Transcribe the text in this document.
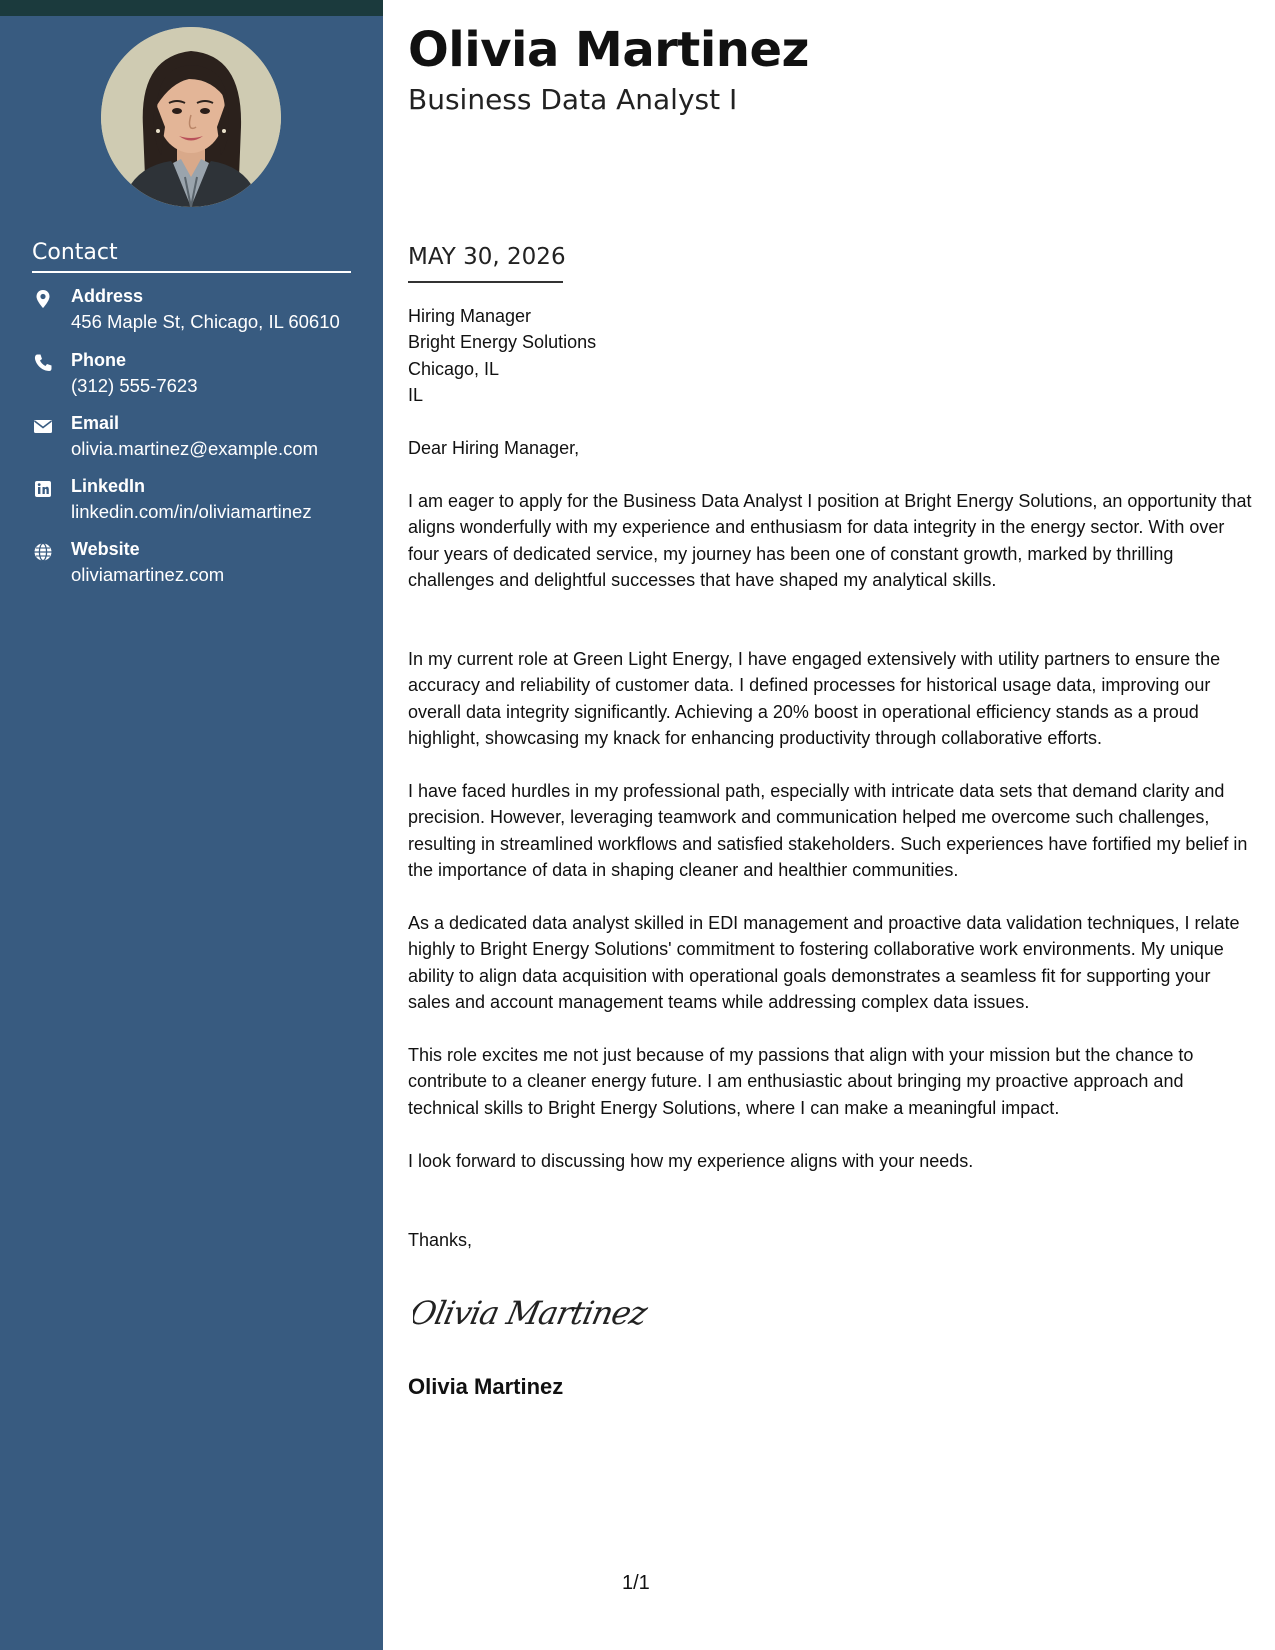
Contact
Address
456 Maple St, Chicago, IL 60610
Phone
(312) 555-7623
Email
olivia.martinez@example.com
LinkedIn
linkedin.com/in/oliviamartinez
Website
oliviamartinez.com
Olivia Martinez
Business Data Analyst I
MAY 30, 2026
Hiring Manager
Bright Energy Solutions
Chicago, IL
IL
Dear Hiring Manager,
I am eager to apply for the Business Data Analyst I position at Bright Energy Solutions, an opportunity that aligns wonderfully with my experience and enthusiasm for data integrity in the energy sector. With over four years of dedicated service, my journey has been one of constant growth, marked by thrilling challenges and delightful successes that have shaped my analytical skills.
In my current role at Green Light Energy, I have engaged extensively with utility partners to ensure the accuracy and reliability of customer data. I defined processes for historical usage data, improving our overall data integrity significantly. Achieving a 20% boost in operational efficiency stands as a proud highlight, showcasing my knack for enhancing productivity through collaborative efforts.
I have faced hurdles in my professional path, especially with intricate data sets that demand clarity and precision. However, leveraging teamwork and communication helped me overcome such challenges, resulting in streamlined workflows and satisfied stakeholders. Such experiences have fortified my belief in the importance of data in shaping cleaner and healthier communities.
As a dedicated data analyst skilled in EDI management and proactive data validation techniques, I relate highly to Bright Energy Solutions' commitment to fostering collaborative work environments. My unique ability to align data acquisition with operational goals demonstrates a seamless fit for supporting your sales and account management teams while addressing complex data issues.
This role excites me not just because of my passions that align with your mission but the chance to contribute to a cleaner energy future. I am enthusiastic about bringing my proactive approach and technical skills to Bright Energy Solutions, where I can make a meaningful impact.
I look forward to discussing how my experience aligns with your needs.
Thanks,
Olivia Martinez
Olivia Martinez
1/1
